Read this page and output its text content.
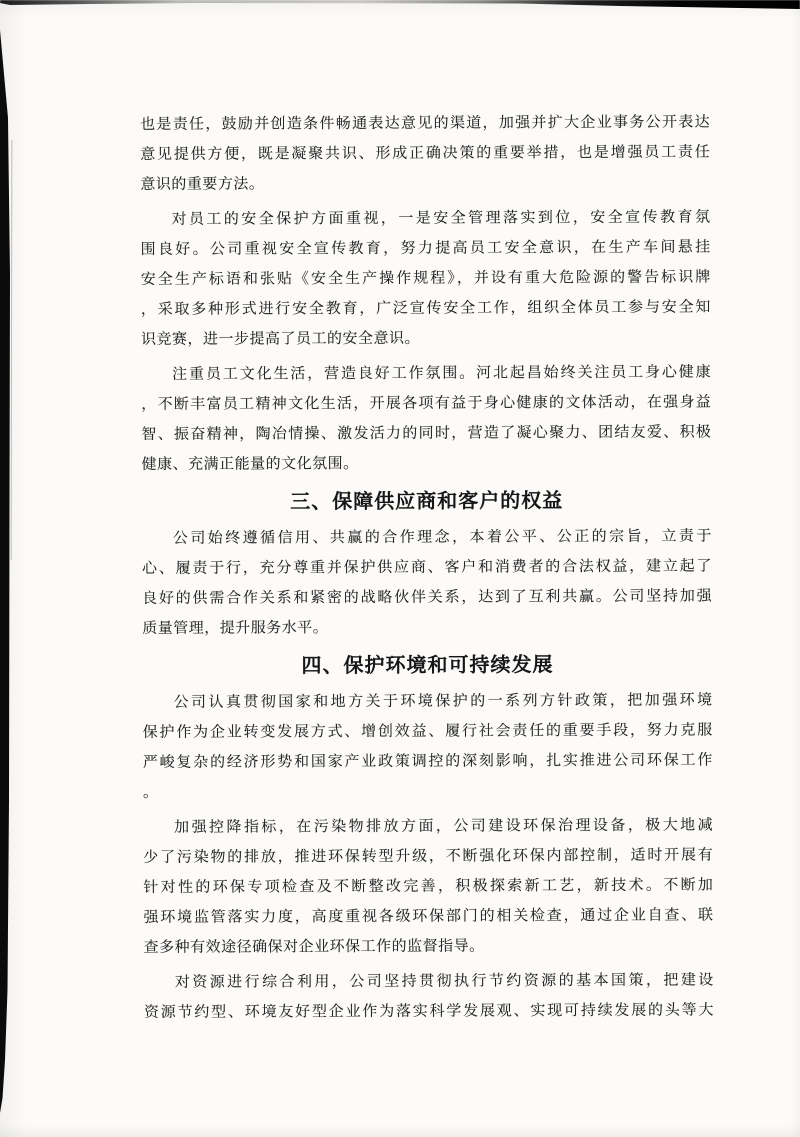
也是责任，鼓励并创造条件畅通表达意见的渠道，加强并扩大企业事务公开表达
意见提供方便，既是凝聚共识、形成正确决策的重要举措，也是增强员工责任
意识的重要方法。
对员工的安全保护方面重视，一是安全管理落实到位，安全宣传教育氛
围良好。公司重视安全宣传教育，努力提高员工安全意识，在生产车间悬挂
安全生产标语和张贴《安全生产操作规程》，并设有重大危险源的警告标识牌
，采取多种形式进行安全教育，广泛宣传安全工作，组织全体员工参与安全知
识竞赛，进一步提高了员工的安全意识。
注重员工文化生活，营造良好工作氛围。河北起昌始终关注员工身心健康
，不断丰富员工精神文化生活，开展各项有益于身心健康的文体活动，在强身益
智、振奋精神，陶冶情操、激发活力的同时，营造了凝心聚力、团结友爱、积极
健康、充满正能量的文化氛围。
三、保障供应商和客户的权益
公司始终遵循信用、共赢的合作理念，本着公平、公正的宗旨，立责于
心、履责于行，充分尊重并保护供应商、客户和消费者的合法权益，建立起了
良好的供需合作关系和紧密的战略伙伴关系，达到了互利共赢。公司坚持加强
质量管理，提升服务水平。
四、保护环境和可持续发展
公司认真贯彻国家和地方关于环境保护的一系列方针政策，把加强环境
保护作为企业转变发展方式、增创效益、履行社会责任的重要手段，努力克服
严峻复杂的经济形势和国家产业政策调控的深刻影响，扎实推进公司环保工作
。
加强控降指标，在污染物排放方面，公司建设环保治理设备，极大地减
少了污染物的排放，推进环保转型升级，不断强化环保内部控制，适时开展有
针对性的环保专项检查及不断整改完善，积极探索新工艺，新技术。不断加
强环境监管落实力度，高度重视各级环保部门的相关检查，通过企业自查、联
查多种有效途径确保对企业环保工作的监督指导。
对资源进行综合利用，公司坚持贯彻执行节约资源的基本国策，把建设
资源节约型、环境友好型企业作为落实科学发展观、实现可持续发展的头等大
